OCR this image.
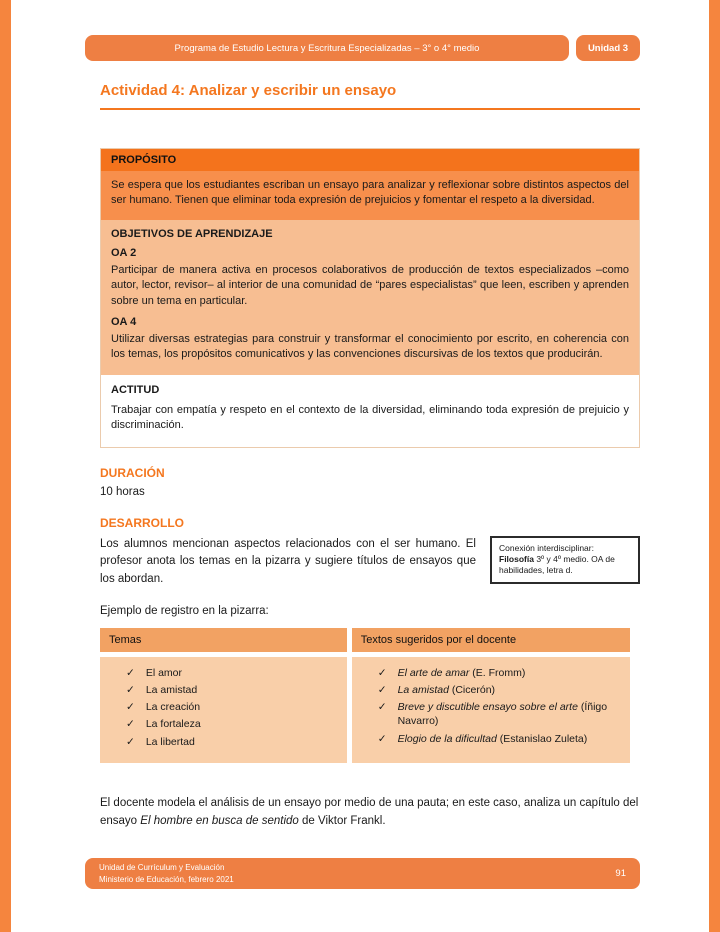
Programa de Estudio Lectura y Escritura Especializadas – 3° o 4° medio	Unidad 3
Actividad 4: Analizar y escribir un ensayo
PROPÓSITO
Se espera que los estudiantes escriban un ensayo para analizar y reflexionar sobre distintos aspectos del ser humano. Tienen que eliminar toda expresión de prejuicios y fomentar el respeto a la diversidad.
OBJETIVOS DE APRENDIZAJE
OA 2

Participar de manera activa en procesos colaborativos de producción de textos especializados –como autor, lector, revisor– al interior de una comunidad de “pares especialistas” que leen, escriben y aprenden sobre un tema en particular.

OA 4

Utilizar diversas estrategias para construir y transformar el conocimiento por escrito, en coherencia con los temas, los propósitos comunicativos y las convenciones discursivas de los textos que producirán.

ACTITUD

Trabajar con empatía y respeto en el contexto de la diversidad, eliminando toda expresión de prejuicio y discriminación.

DURACIÓN
10 horas
DESARROLLO

Los alumnos mencionan aspectos relacionados con el ser humano. El profesor anota los temas en la pizarra y sugiere títulos de ensayos que los abordan.

Conexión interdisciplinar:
Filosofía 3º y 4º medio. OA de habilidades, letra d.

Ejemplo de registro en la pizarra:

Temas	Textos sugeridos por el docente

✓ El amor
✓ La amistad
✓ La creación
✓ La fortaleza
✓ La libertad

✓ El arte de amar (E. Fromm)
✓ La amistad (Cicerón)
✓ Breve y discutible ensayo sobre el arte (Íñigo Navarro)
✓ Elogio de la dificultad (Estanislao Zuleta)

El docente modela el análisis de un ensayo por medio de una pauta; en este caso, analiza un capítulo del ensayo El hombre en busca de sentido de Viktor Frankl.

Unidad de Currículum y Evaluación
Ministerio de Educación, febrero 2021	91
